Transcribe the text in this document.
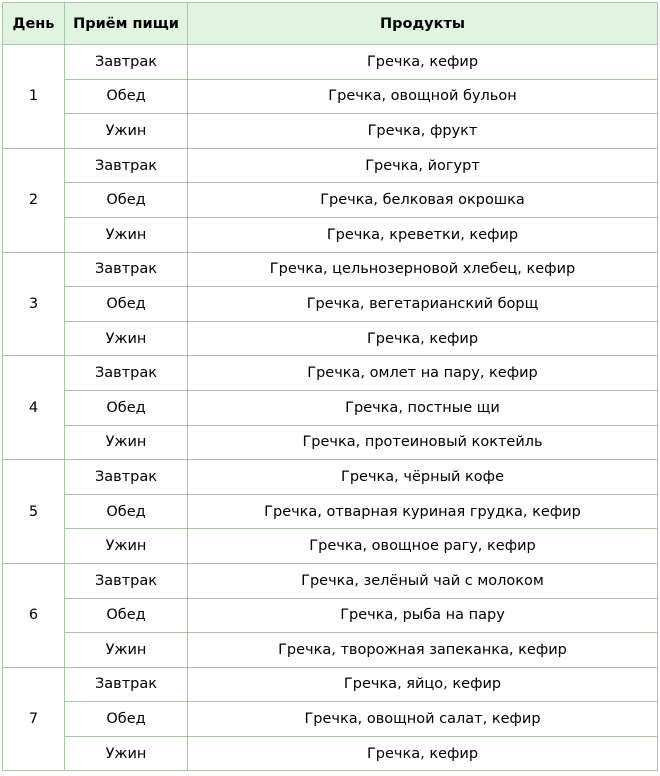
День	Приём пищи	Продукты
1	Завтрак	Гречка, кефир
	Обед	Гречка, овощной бульон
	Ужин	Гречка, фрукт
2	Завтрак	Гречка, йогурт
	Обед	Гречка, белковая окрошка
	Ужин	Гречка, креветки, кефир
3	Завтрак	Гречка, цельнозерновой хлебец, кефир
	Обед	Гречка, вегетарианский борщ
	Ужин	Гречка, кефир
4	Завтрак	Гречка, омлет на пару, кефир
	Обед	Гречка, постные щи
	Ужин	Гречка, протеиновый коктейль
5	Завтрак	Гречка, чёрный кофе
	Обед	Гречка, отварная куриная грудка, кефир
	Ужин	Гречка, овощное рагу, кефир
6	Завтрак	Гречка, зелёный чай с молоком
	Обед	Гречка, рыба на пару
	Ужин	Гречка, творожная запеканка, кефир
7	Завтрак	Гречка, яйцо, кефир
	Обед	Гречка, овощной салат, кефир
	Ужин	Гречка, кефир
